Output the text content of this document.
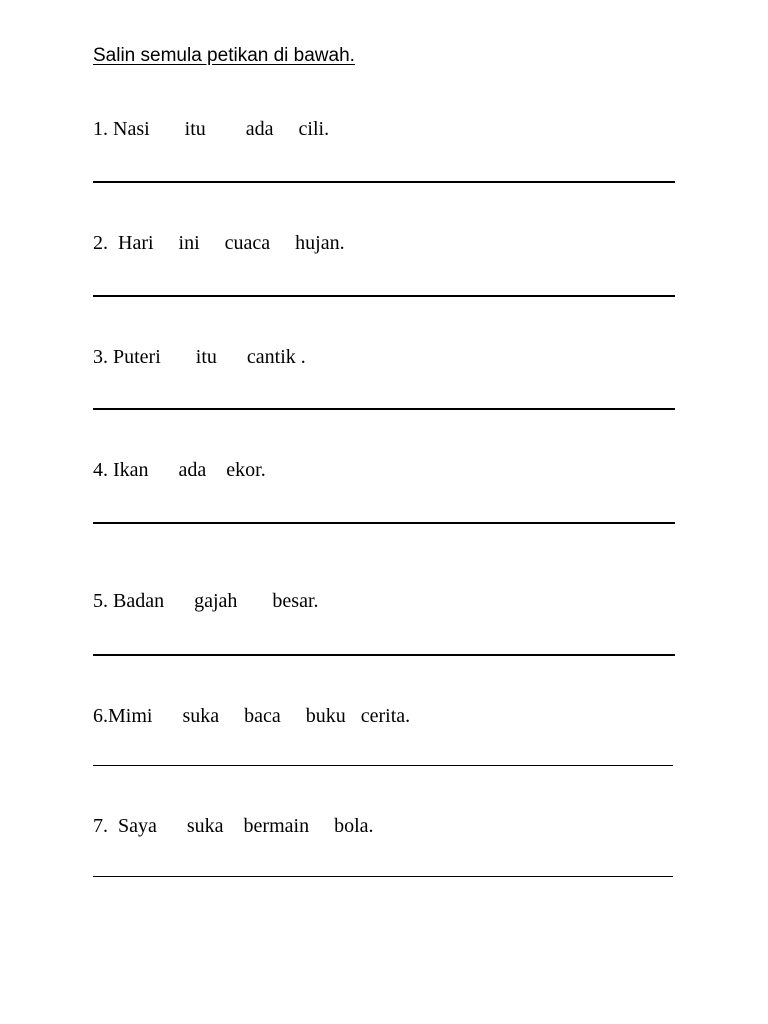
Salin semula petikan di bawah.
1. Nasi       itu        ada     cili.
2.  Hari     ini     cuaca     hujan.
3. Puteri       itu      cantik .
4. Ikan      ada    ekor.
5. Badan      gajah       besar.
6.Mimi      suka     baca     buku   cerita.
7.  Saya      suka    bermain     bola.
